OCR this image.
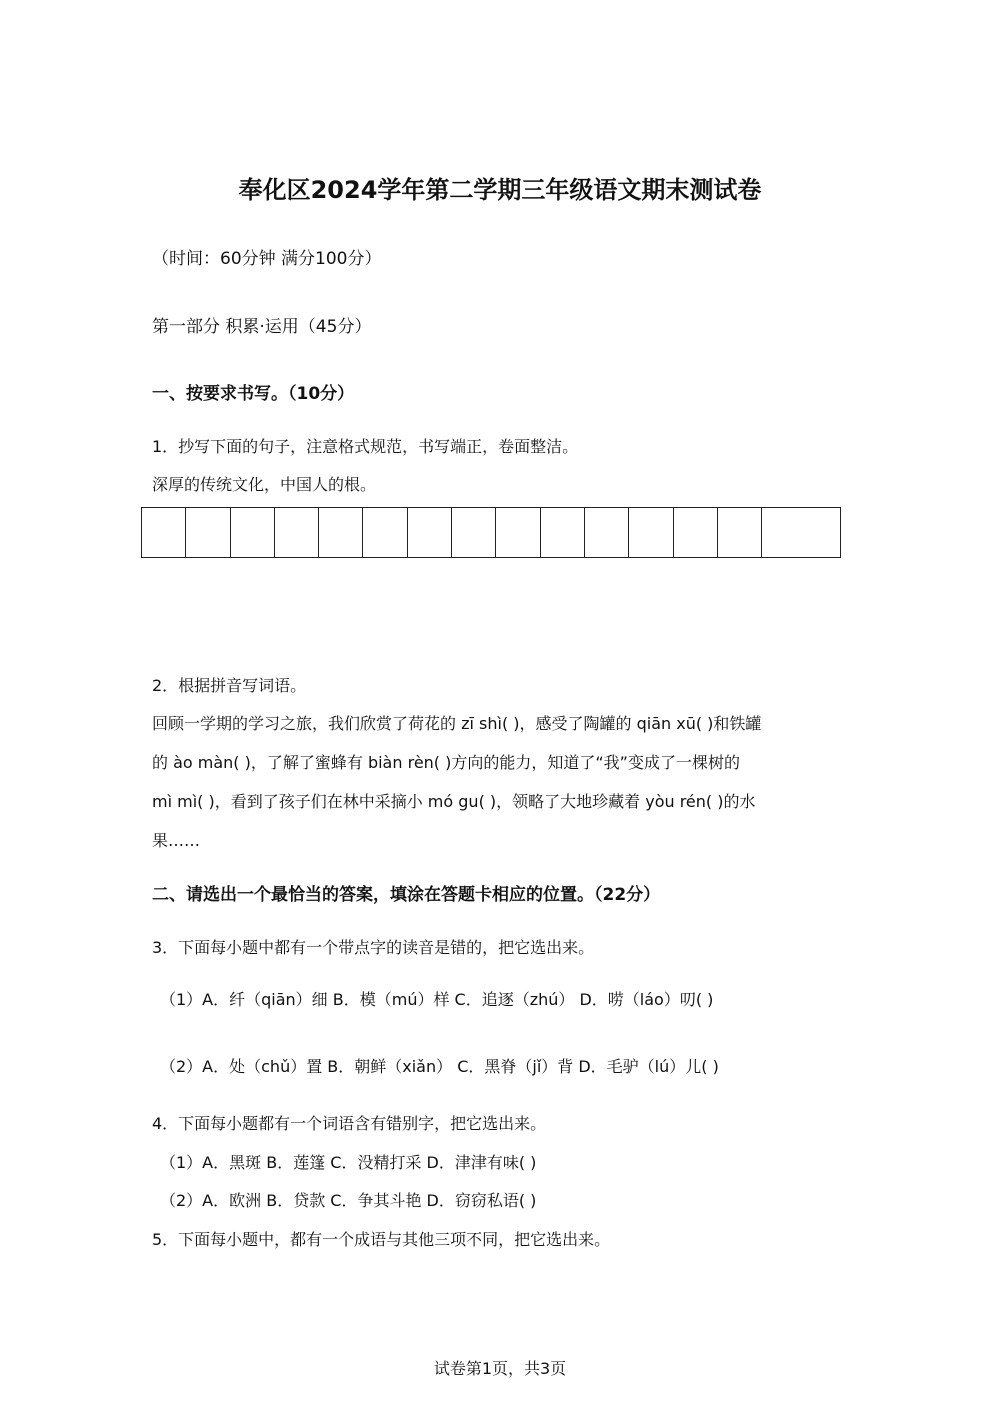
奉化区2024学年第二学期三年级语文期末测试卷
（时间：60分钟 满分100分）
第一部分 积累·运用（45分）
一、按要求书写。（10分）
1．抄写下面的句子，注意格式规范，书写端正，卷面整洁。
深厚的传统文化，中国人的根。
2．根据拼音写词语。
回顾一学期的学习之旅，我们欣赏了荷花的 zī shì( )，感受了陶罐的 qiān xū( )和铁罐
的 ào màn( )，了解了蜜蜂有 biàn rèn( )方向的能力，知道了“我”变成了一棵树的
mì mì( )，看到了孩子们在林中采摘小 mó gu( )，领略了大地珍藏着 yòu rén( )的水
果……
二、请选出一个最恰当的答案，填涂在答题卡相应的位置。（22分）
3．下面每小题中都有一个带点字的读音是错的，把它选出来。
（1）A．纤（qiān）细 B．模（mú）样 C．追逐（zhú） D．唠（láo）叨( )
（2）A．处（chǔ）置 B．朝鲜（xiǎn） C．黑脊（jǐ）背 D．毛驴（lú）儿( )
4．下面每小题都有一个词语含有错别字，把它选出来。
（1）A．黑斑 B．莲篷 C．没精打采 D．津津有味( )
（2）A．欧洲 B．贷款 C．争其斗艳 D．窃窃私语( )
5．下面每小题中，都有一个成语与其他三项不同，把它选出来。
试卷第1页，共3页
